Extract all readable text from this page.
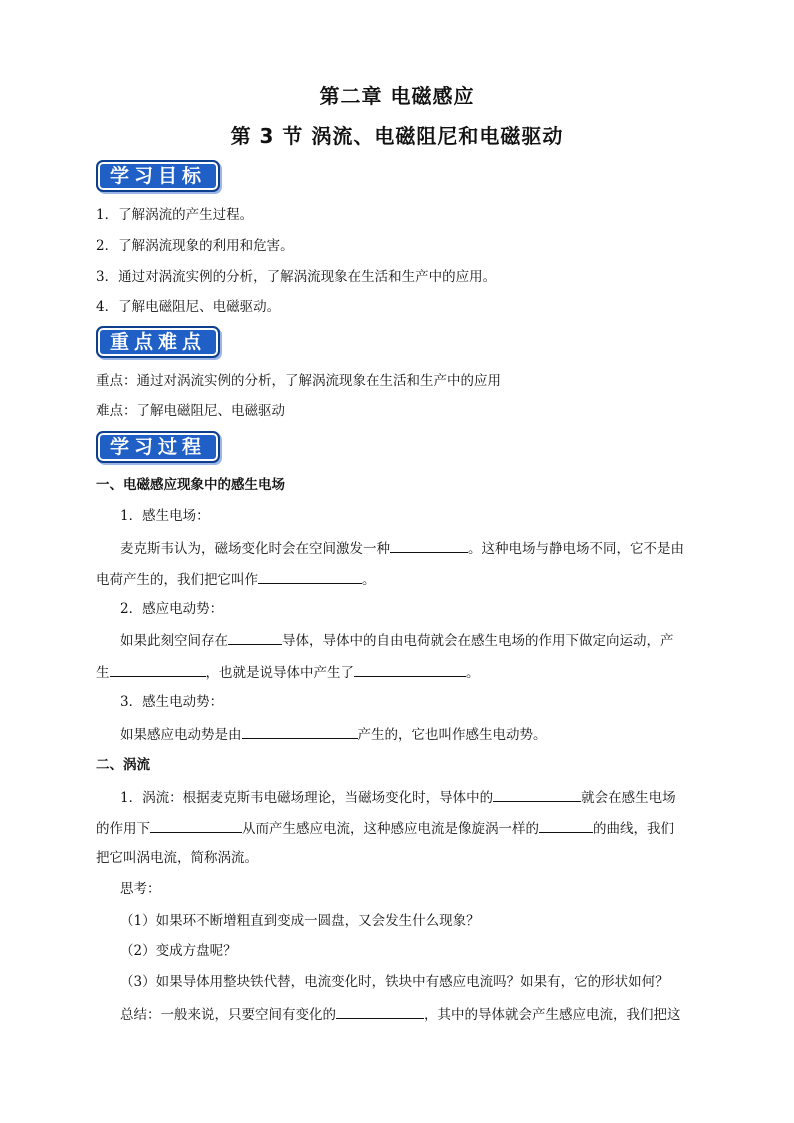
第二章 电磁感应
第 3 节 涡流、电磁阻尼和电磁驱动
学习目标
1．了解涡流的产生过程。
2．了解涡流现象的利用和危害。
3．通过对涡流实例的分析，了解涡流现象在生活和生产中的应用。
4．了解电磁阻尼、电磁驱动。
重点难点
重点：通过对涡流实例的分析，了解涡流现象在生活和生产中的应用
难点：了解电磁阻尼、电磁驱动
学习过程
一、电磁感应现象中的感生电场
1．感生电场：
麦克斯韦认为，磁场变化时会在空间激发一种	。这种电场与静电场不同，它不是由
电荷产生的，我们把它叫作	。
2．感应电动势：
如果此刻空间存在	导体，导体中的自由电荷就会在感生电场的作用下做定向运动，产
生	，也就是说导体中产生了	。
3．感生电动势：
如果感应电动势是由	产生的，它也叫作感生电动势。
二、涡流
1．涡流：根据麦克斯韦电磁场理论，当磁场变化时，导体中的	就会在感生电场
的作用下	从而产生感应电流，这种感应电流是像旋涡一样的	的曲线，我们
把它叫涡电流，简称涡流。
思考：
（1）如果环不断增粗直到变成一圆盘，又会发生什么现象？
（2）变成方盘呢？
（3）如果导体用整块铁代替，电流变化时，铁块中有感应电流吗？如果有，它的形状如何？
总结：一般来说，只要空间有变化的	，其中的导体就会产生感应电流，我们把这
